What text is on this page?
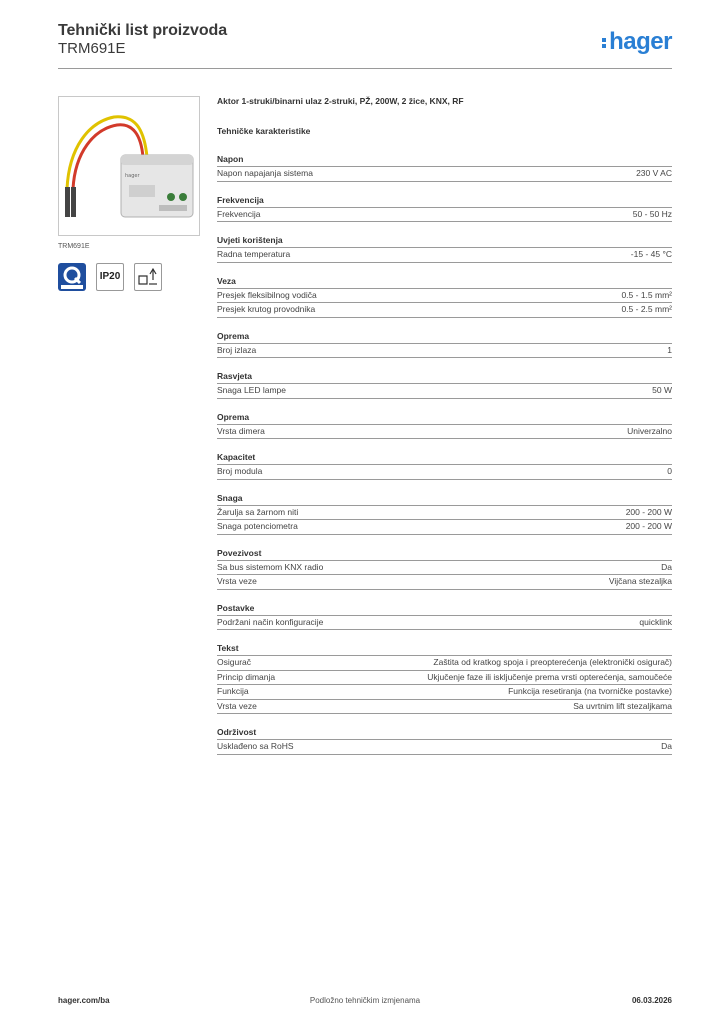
Tehnički list proizvoda
TRM691E	hager
hager
TRM691E
IP20
Aktor 1-struki/binarni ulaz 2-struki, PŽ, 200W, 2 žice, KNX, RF
Tehničke karakteristike
Napon
Napon napajanja sistema	230 V AC
Frekvencija
Frekvencija	50 - 50 Hz
Uvjeti korištenja
Radna temperatura	-15 - 45 °C
Veza
Presjek fleksibilnog vodiča	0.5 - 1.5 mm²
Presjek krutog provodnika	0.5 - 2.5 mm²
Oprema
Broj izlaza	1
Rasvjeta
Snaga LED lampe	50 W
Oprema
Vrsta dimera	Univerzalno
Kapacitet
Broj modula	0
Snaga
Žarulja sa žarnom niti	200 - 200 W
Snaga potenciometra	200 - 200 W
Povezivost
Sa bus sistemom KNX radio	Da
Vrsta veze	Vijčana stezaljka
Postavke
Podržani način konfiguracije	quicklink
Tekst
Osigurač	Zaštita od kratkog spoja i preopterećenja (elektronički osigurač)
Princip dimanja	Ukjučenje faze ili isključenje prema vrsti opterećenja, samoučeće
Funkcija	Funkcija resetiranja (na tvorničke postavke)
Vrsta veze	Sa uvrtnim lift stezaljkama
Održivost
Usklađeno sa RoHS	Da
hager.com/ba	Podložno tehničkim izmjenama	06.03.2026
